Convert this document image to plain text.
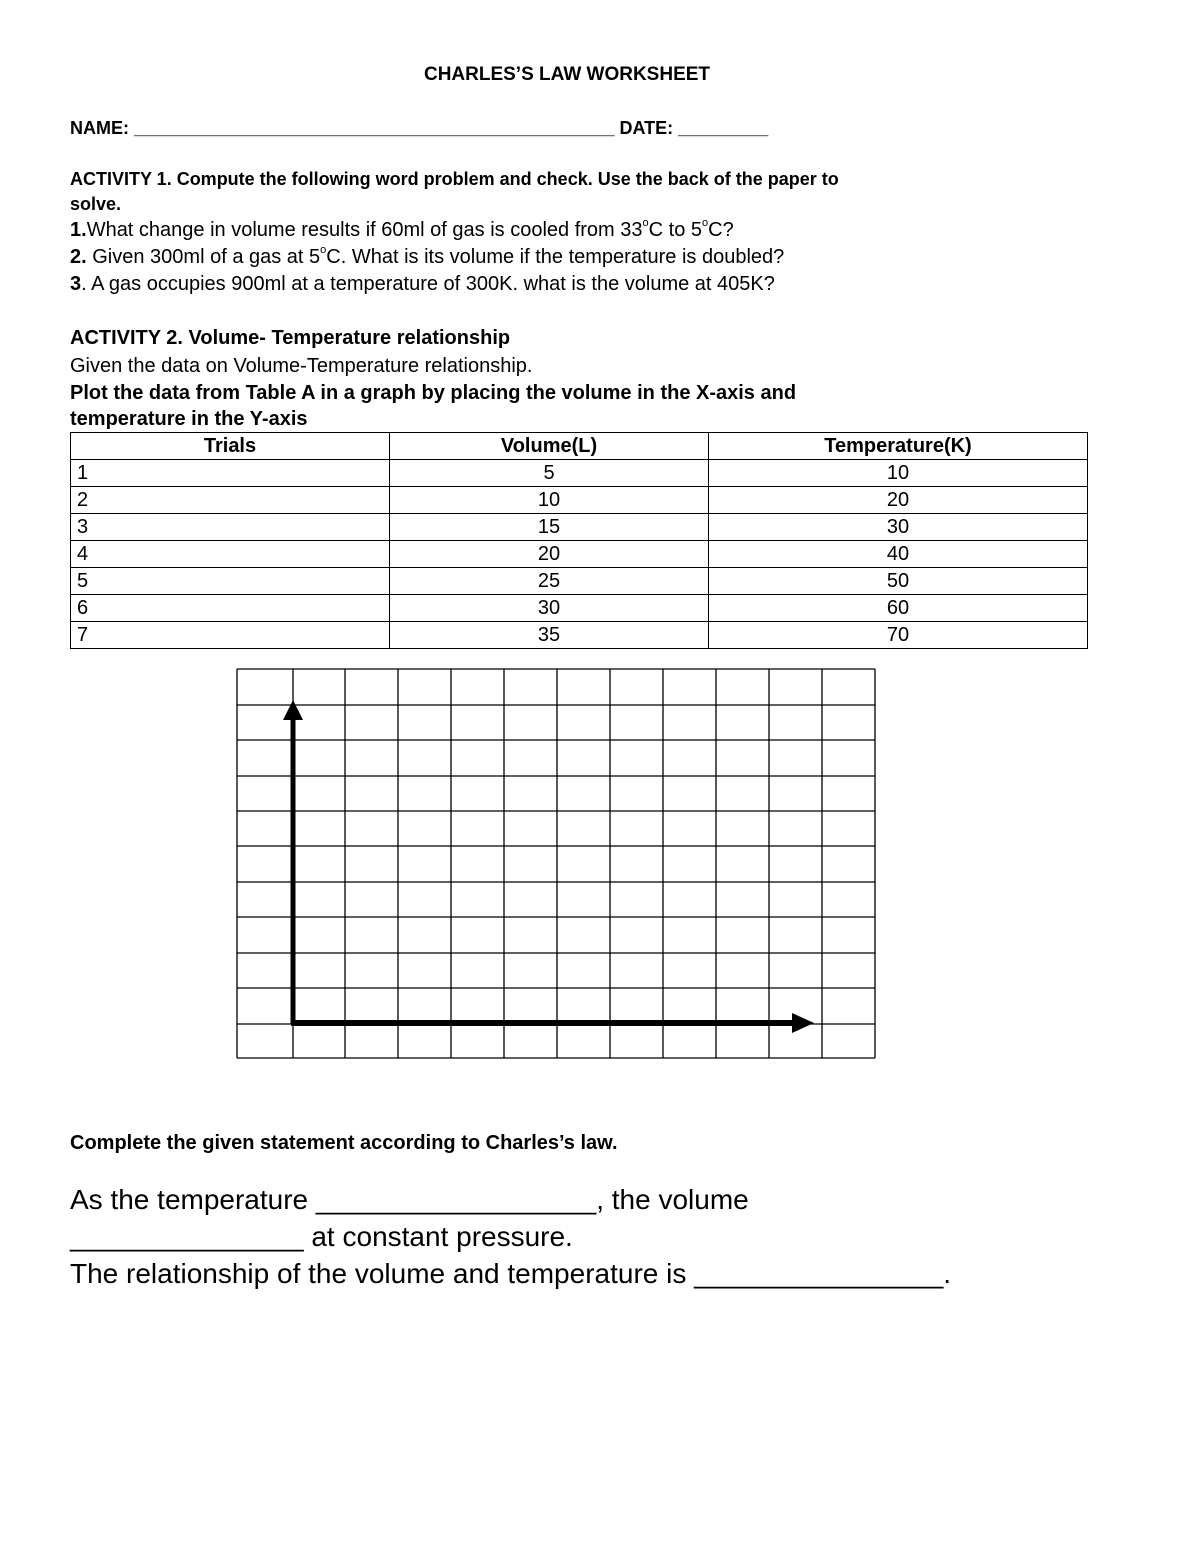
CHARLES’S LAW WORKSHEET
NAME: ________________________________________________ DATE: _________
ACTIVITY 1. Compute the following word problem and check. Use the back of the paper to
solve.
1.What change in volume results if 60ml of gas is cooled from 33$^o$C to 5$^o$C?
2. Given 300ml of a gas at 5$^o$C. What is its volume if the temperature is doubled?
3. A gas occupies 900ml at a temperature of 300K. what is the volume at 405K?
ACTIVITY 2. Volume- Temperature relationship
Given the data on Volume-Temperature relationship.
Plot the data from Table A in a graph by placing the volume in the X-axis and
temperature in the Y-axis
Trials	Volume(L)	Temperature(K)
1	5	10
2	10	20
3	15	30
4	20	40
5	25	50
6	30	60
7	35	70
Complete the given statement according to Charles’s law.
As the temperature __________________, the volume
_______________ at constant pressure.
The relationship of the volume and temperature is ________________.
